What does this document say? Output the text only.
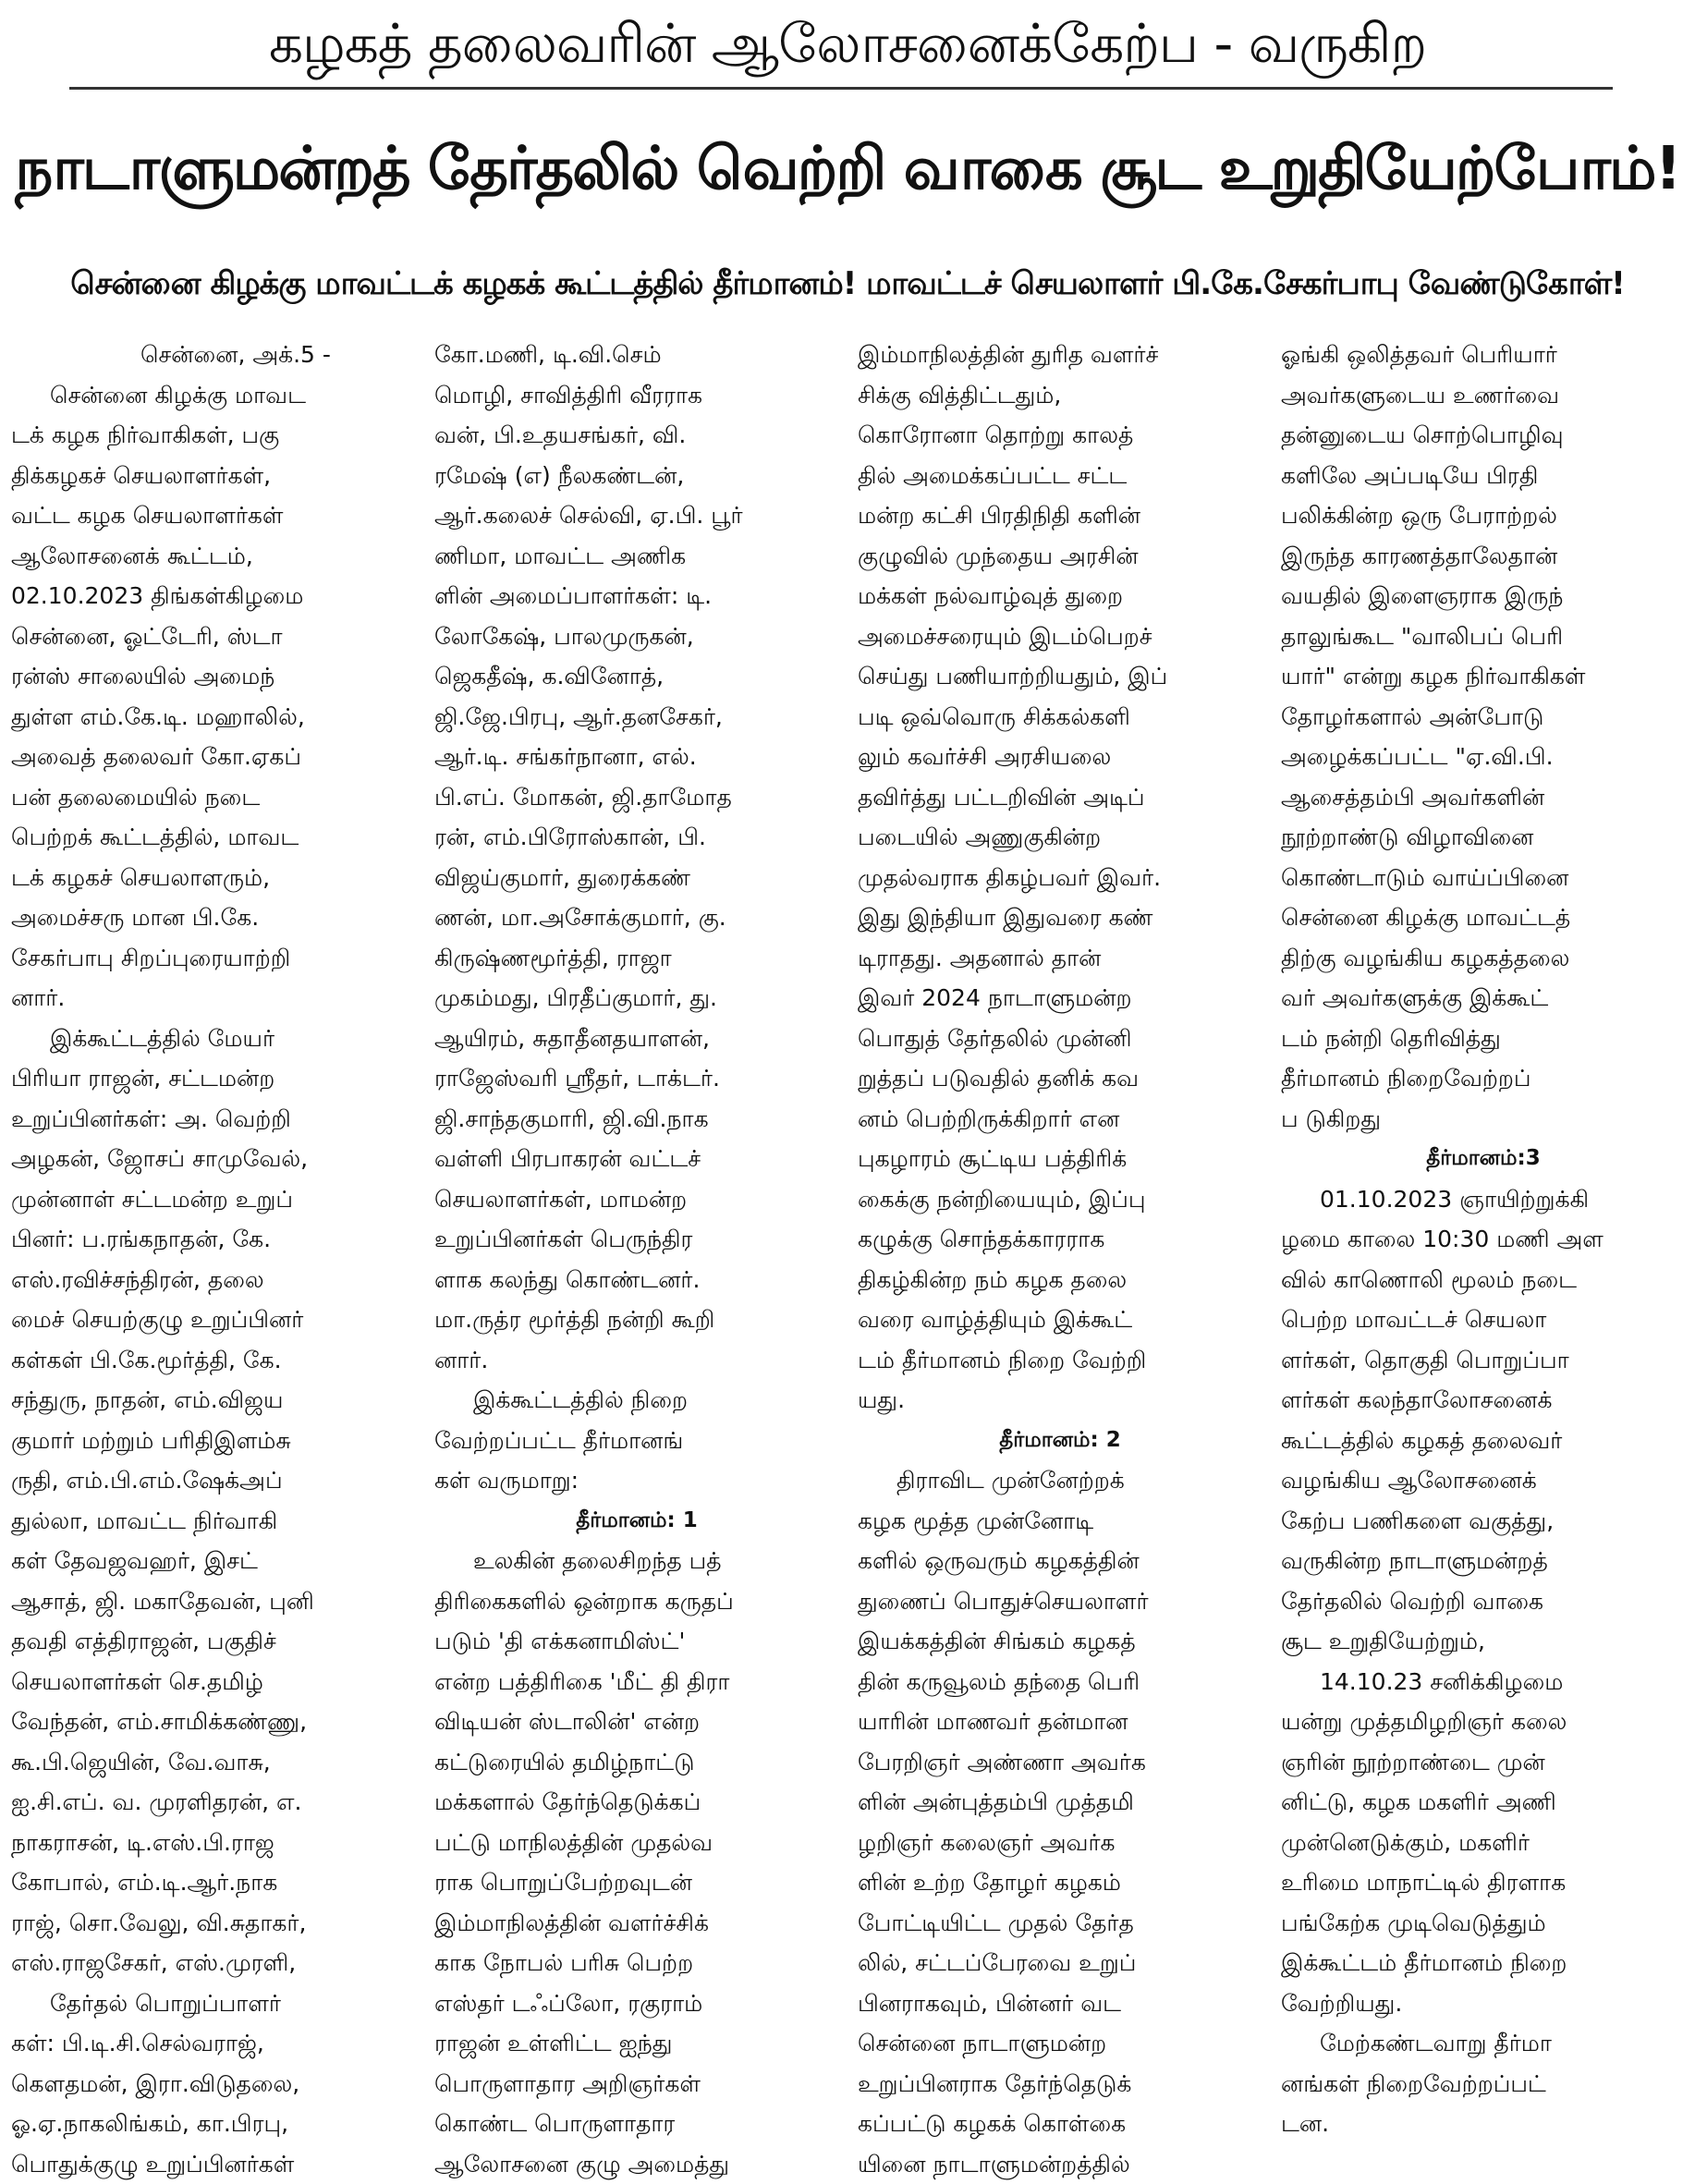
கழகத் தலைவரின் ஆலோசனைக்கேற்ப - வருகிற
நாடாளுமன்றத் தேர்தலில் வெற்றி வாகை சூட உறுதியேற்போம்!
சென்னை கிழக்கு மாவட்டக் கழகக் கூட்டத்தில் தீர்மானம்! மாவட்டச் செயலாளர் பி.கே.சேகர்பாபு வேண்டுகோள்!
சென்னை, அக்.5 -
சென்னை கிழக்கு மாவட
டக் கழக நிர்வாகிகள், பகு
திக்கழகச் செயலாளர்கள்,
வட்ட கழக செயலாளர்கள்
ஆலோசனைக் கூட்டம்,
02.10.2023 திங்கள்கிழமை
சென்னை, ஓட்டேரி, ஸ்டா
ரன்ஸ் சாலையில் அமைந்
துள்ள எம்.கே.டி. மஹாலில்,
அவைத் தலைவர் கோ.ஏகப்
பன் தலைமையில் நடை
பெற்றக் கூட்டத்தில், மாவட
டக் கழகச் செயலாளரும்,
அமைச்சரு மான பி.கே.
சேகர்பாபு சிறப்புரையாற்றி
னார்.
இக்கூட்டத்தில் மேயர்
பிரியா ராஜன், சட்டமன்ற
உறுப்பினர்கள்: அ. வெற்றி
அழகன், ஜோசப் சாமுவேல்,
முன்னாள் சட்டமன்ற உறுப்
பினர்: ப.ரங்கநாதன், கே.
எஸ்.ரவிச்சந்திரன், தலை
மைச் செயற்குழு உறுப்பினர்
கள்கள் பி.கே.மூர்த்தி, கே.
சந்துரு, நாதன், எம்.விஜய
குமார் மற்றும் பரிதிஇளம்சு
ருதி, எம்.பி.எம்.ஷேக்அப்
துல்லா, மாவட்ட நிர்வாகி
கள் தேவஜவஹர், இசட்
ஆசாத், ஜி. மகாதேவன், புனி
தவதி எத்திராஜன், பகுதிச்
செயலாளர்கள் செ.தமிழ்
வேந்தன், எம்.சாமிக்கண்ணு,
கூ.பி.ஜெயின், வே.வாசு,
ஐ.சி.எப். வ. முரளிதரன், எ.
நாகராசன், டி.எஸ்.பி.ராஜ
கோபால், எம்.டி.ஆர்.நாக
ராஜ், சொ.வேலு, வி.சுதாகர்,
எஸ்.ராஜசேகர், எஸ்.முரளி,
தேர்தல் பொறுப்பாளர்
கள்: பி.டி.சி.செல்வராஜ்,
கௌதமன், இரா.விடுதலை,
ஓ.ஏ.நாகலிங்கம், கா.பிரபு,
பொதுக்குழு உறுப்பினர்கள்
கோ.மணி, டி.வி.செம்
மொழி, சாவித்திரி வீரராக
வன், பி.உதயசங்கர், வி.
ரமேஷ் (எ) நீலகண்டன்,
ஆர்.கலைச் செல்வி, ஏ.பி. பூர்
ணிமா, மாவட்ட அணிக
ளின் அமைப்பாளர்கள்: டி.
லோகேஷ், பாலமுருகன்,
ஜெகதீஷ், க.வினோத்,
ஜி.ஜே.பிரபு, ஆர்.தனசேகர்,
ஆர்.டி. சங்கர்நானா, எல்.
பி.எப். மோகன், ஜி.தாமோத
ரன், எம்.பிரோஸ்கான், பி.
விஜய்குமார், துரைக்கண்
ணன், மா.அசோக்குமார், கு.
கிருஷ்ணமூர்த்தி, ராஜா
முகம்மது, பிரதீப்குமார், து.
ஆயிரம், சுதாதீனதயாளன்,
ராஜேஸ்வரி ஸ்ரீதர், டாக்டர்.
ஜி.சாந்தகுமாரி, ஜி.வி.நாக
வள்ளி பிரபாகரன் வட்டச்
செயலாளர்கள், மாமன்ற
உறுப்பினர்கள் பெருந்திர
ளாக கலந்து கொண்டனர்.
மா.ருத்ர மூர்த்தி நன்றி கூறி
னார்.
இக்கூட்டத்தில் நிறை
வேற்றப்பட்ட தீர்மானங்
கள் வருமாறு:
தீர்மானம்: 1
உலகின் தலைசிறந்த பத்
திரிகைகளில் ஒன்றாக கருதப்
படும் 'தி எக்கனாமிஸ்ட்'
என்ற பத்திரிகை 'மீட் தி திரா
விடியன் ஸ்டாலின்' என்ற
கட்டுரையில் தமிழ்நாட்டு
மக்களால் தேர்ந்தெடுக்கப்
பட்டு மாநிலத்தின் முதல்வ
ராக பொறுப்பேற்றவுடன்
இம்மாநிலத்தின் வளர்ச்சிக்
காக நோபல் பரிசு பெற்ற
எஸ்தர் டஃப்லோ, ரகுராம்
ராஜன் உள்ளிட்ட ஐந்து
பொருளாதார அறிஞர்கள்
கொண்ட பொருளாதார
ஆலோசனை குழு அமைத்து
இம்மாநிலத்தின் துரித வளர்ச்
சிக்கு வித்திட்டதும்,
கொரோனா தொற்று காலத்
தில் அமைக்கப்பட்ட சட்ட
மன்ற கட்சி பிரதிநிதி களின்
குழுவில் முந்தைய அரசின்
மக்கள் நல்வாழ்வுத் துறை
அமைச்சரையும் இடம்பெறச்
செய்து பணியாற்றியதும், இப்
படி ஒவ்வொரு சிக்கல்களி
லும் கவர்ச்சி அரசியலை
தவிர்த்து பட்டறிவின் அடிப்
படையில் அணுகுகின்ற
முதல்வராக திகழ்பவர் இவர்.
இது இந்தியா இதுவரை கண்
டிராதது. அதனால் தான்
இவர் 2024 நாடாளுமன்ற
பொதுத் தேர்தலில் முன்னி
றுத்தப் படுவதில் தனிக் கவ
னம் பெற்றிருக்கிறார் என
புகழாரம் சூட்டிய பத்திரிக்
கைக்கு நன்றியையும், இப்பு
கழுக்கு சொந்தக்காரராக
திகழ்கின்ற நம் கழக தலை
வரை வாழ்த்தியும் இக்கூட்
டம் தீர்மானம் நிறை வேற்றி
யது.
தீர்மானம்: 2
திராவிட முன்னேற்றக்
கழக மூத்த முன்னோடி
களில் ஒருவரும் கழகத்தின்
துணைப் பொதுச்செயலாளர்
இயக்கத்தின் சிங்கம் கழகத்
தின் கருவூலம் தந்தை பெரி
யாரின் மாணவர் தன்மான
பேரறிஞர் அண்ணா அவர்க
ளின் அன்புத்தம்பி முத்தமி
ழறிஞர் கலைஞர் அவர்க
ளின் உற்ற தோழர் கழகம்
போட்டியிட்ட முதல் தேர்த
லில், சட்டப்பேரவை உறுப்
பினராகவும், பின்னர் வட
சென்னை நாடாளுமன்ற
உறுப்பினராக தேர்ந்தெடுக்
கப்பட்டு கழகக் கொள்கை
யினை நாடாளுமன்றத்தில்
ஓங்கி ஒலித்தவர் பெரியார்
அவர்களுடைய உணர்வை
தன்னுடைய சொற்பொழிவு
களிலே அப்படியே பிரதி
பலிக்கின்ற ஒரு பேராற்றல்
இருந்த காரணத்தாலேதான்
வயதில் இளைஞராக இருந்
தாலுங்கூட "வாலிபப் பெரி
யார்" என்று கழக நிர்வாகிகள்
தோழர்களால் அன்போடு
அழைக்கப்பட்ட "ஏ.வி.பி.
ஆசைத்தம்பி அவர்களின்
நூற்றாண்டு விழாவினை
கொண்டாடும் வாய்ப்பினை
சென்னை கிழக்கு மாவட்டத்
திற்கு வழங்கிய கழகத்தலை
வர் அவர்களுக்கு இக்கூட்
டம் நன்றி தெரிவித்து
தீர்மானம் நிறைவேற்றப்
ப டுகிறது
தீர்மானம்:3
01.10.2023 ஞாயிற்றுக்கி
ழமை காலை 10:30 மணி அள
வில் காணொலி மூலம் நடை
பெற்ற மாவட்டச் செயலா
ளர்கள், தொகுதி பொறுப்பா
ளர்கள் கலந்தாலோசனைக்
கூட்டத்தில் கழகத் தலைவர்
வழங்கிய ஆலோசனைக்
கேற்ப பணிகளை வகுத்து,
வருகின்ற நாடாளுமன்றத்
தேர்தலில் வெற்றி வாகை
சூட உறுதியேற்றும்,
14.10.23 சனிக்கிழமை
யன்று முத்தமிழறிஞர் கலை
ஞரின் நூற்றாண்டை முன்
னிட்டு, கழக மகளிர் அணி
முன்னெடுக்கும், மகளிர்
உரிமை மாநாட்டில் திரளாக
பங்கேற்க முடிவெடுத்தும்
இக்கூட்டம் தீர்மானம் நிறை
வேற்றியது.
மேற்கண்டவாறு தீர்மா
னங்கள் நிறைவேற்றப்பட்
டன.
